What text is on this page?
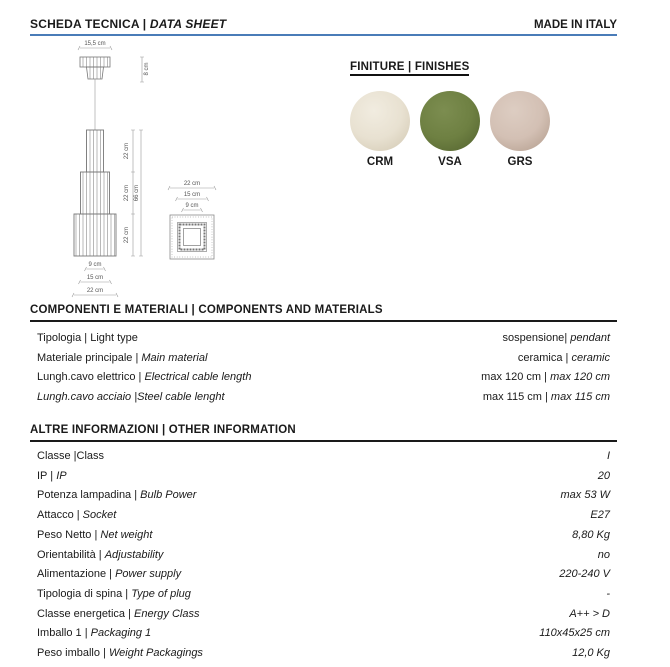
SCHEDA TECNICA | DATA SHEET	MADE IN ITALY
15,5 cm
8 cm
22 cm
22 cm
22 cm
66 cm
9 cm
15 cm
22 cm
22 cm
15 cm
9 cm
FINITURE | FINISHES
CRM	VSA	GRS
COMPONENTI E MATERIALI | COMPONENTS AND MATERIALS
Tipologia | Light type	sospensione| pendant
Materiale principale | Main material	ceramica | ceramic
Lungh.cavo elettrico | Electrical cable length	max 120 cm | max 120 cm
Lungh.cavo acciaio |Steel cable lenght	max 115 cm | max 115 cm
ALTRE INFORMAZIONI | OTHER INFORMATION
Classe |Class	I
IP | IP	20
Potenza lampadina | Bulb Power	max 53 W
Attacco | Socket	E27
Peso Netto | Net weight	8,80 Kg
Orientabilità | Adjustability	no
Alimentazione | Power supply	220-240 V
Tipologia di spina | Type of plug	-
Classe energetica | Energy Class	A++ > D
Imballo 1 | Packaging 1	110x45x25 cm
Peso imballo | Weight Packagings	12,0 Kg
